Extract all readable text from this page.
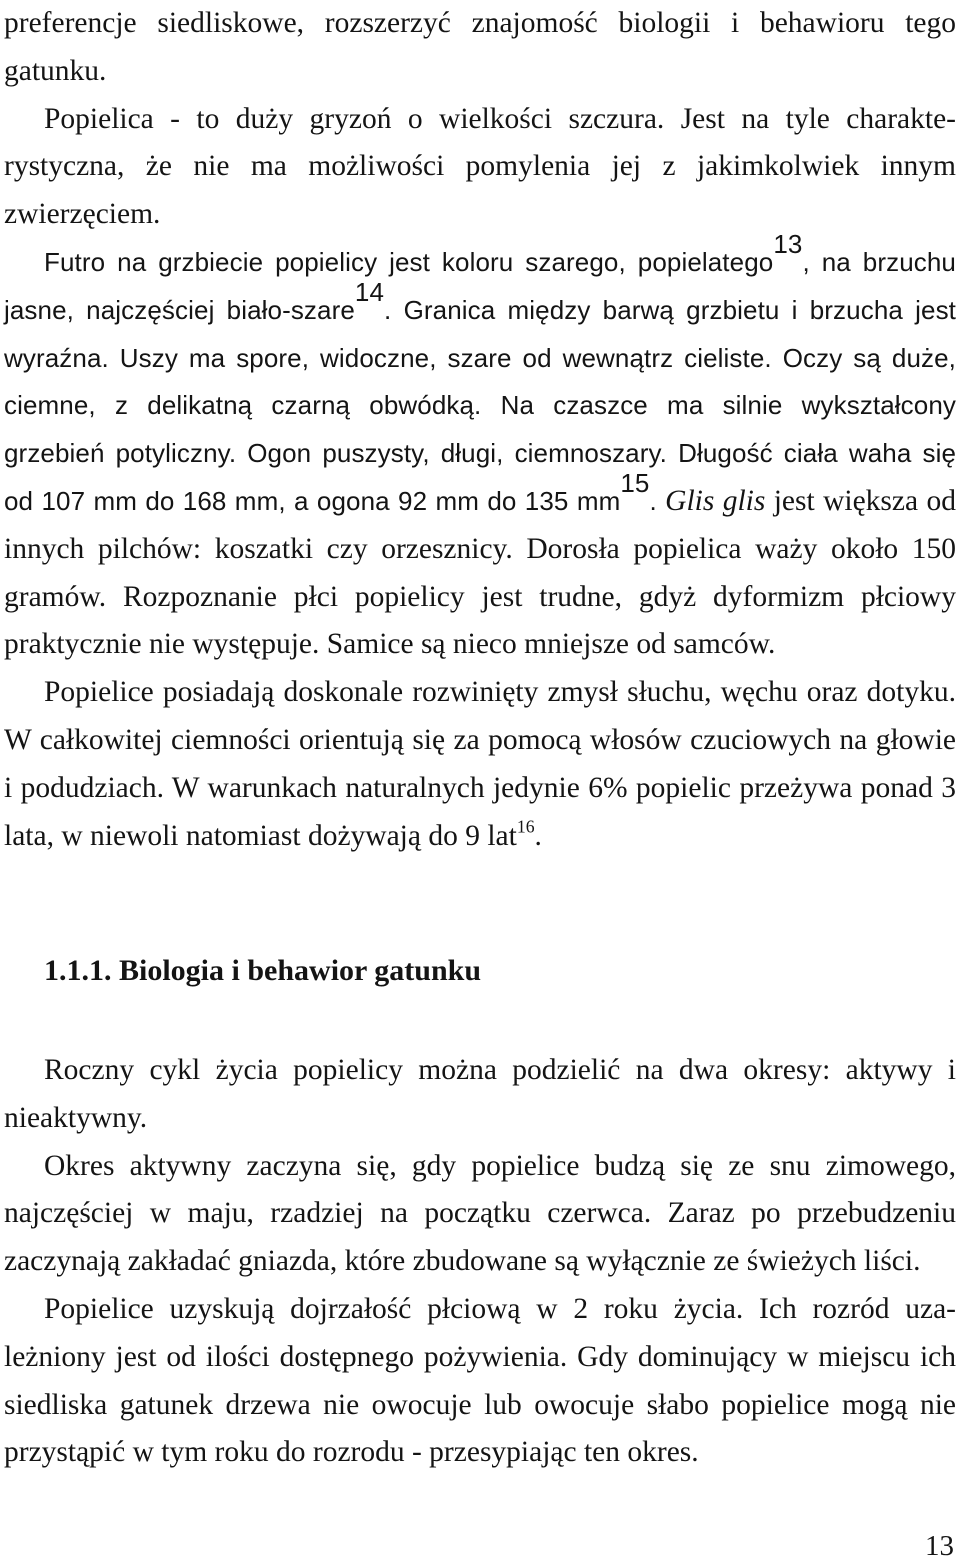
preferencje siedliskowe, rozszerzyć znajomość biologii i behawioru tego gatunku.

Popielica - to duży gryzoń o wielkości szczura. Jest na tyle charakterystyczna, że nie ma możliwości pomylenia jej z jakimkolwiek innym zwierzęciem.

Futro na grzbiecie popielicy jest koloru szarego, popielatego$^{13}$, na brzuchu jasne, najczęściej biało-szare$^{14}$. Granica między barwą grzbietu i brzucha jest wyraźna. Uszy ma spore, widoczne, szare od wewnątrz cieliste. Oczy są duże, ciemne, z delikatną czarną obwódką. Na czaszce ma silnie wykształcony grzebień potyliczny. Ogon puszysty, długi, ciemnoszary. Długość ciała waha się od 107 mm do 168 mm, a ogona 92 mm do 135 $mm^{15}$. Glis glis jest większa od innych pilchów: koszatki czy orzesznicy. Dorosła popielica waży około 150 gramów. Rozpoznanie płci popielicy jest trudne, gdyż dyformizm płciowy praktycznie nie występuje. Samice są nieco mniejsze od samców.

Popielice posiadają doskonale rozwinięty zmysł słuchu, węchu oraz dotyku. W całkowitej ciemności orientują się za pomocą włosów czuciowych na głowie i podudziach. W warunkach naturalnych jedynie 6% popielic przeżywa ponad 3 lata, w niewoli natomiast dożywają do 9 lat$^{16}$.

1.1.1. Biologia i behawior gatunku

Roczny cykl życia popielicy można podzielić na dwa okresy: aktywy i nieaktywny.

Okres aktywny zaczyna się, gdy popielice budzą się ze snu zimowego, najczęściej w maju, rzadziej na początku czerwca. Zaraz po przebudzeniu zaczynają zakładać gniazda, które zbudowane są wyłącznie ze świeżych liści.

Popielice uzyskują dojrzałość płciową w 2 roku życia. Ich rozród uzależniony jest od ilości dostępnego pożywienia. Gdy dominujący w miejscu ich siedliska gatunek drzewa nie owocuje lub owocuje słabo popielice mogą nie przystąpić w tym roku do rozrodu - przesypiając ten okres.

13
